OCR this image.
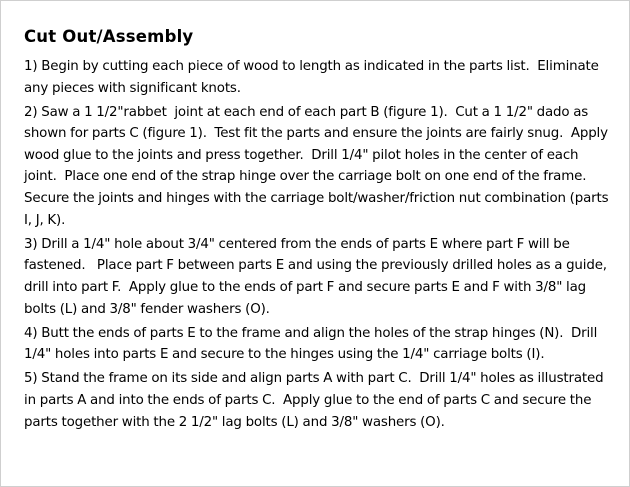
Cut Out/Assembly

1) Begin by cutting each piece of wood to length as indicated in the parts list.  Eliminate any pieces with significant knots.

2) Saw a 1 1/2"rabbet  joint at each end of each part B (figure 1).  Cut a 1 1/2" dado as shown for parts C (figure 1).  Test fit the parts and ensure the joints are fairly snug.  Apply wood glue to the joints and press together.  Drill 1/4" pilot holes in the center of each joint.  Place one end of the strap hinge over the carriage bolt on one end of the frame.  Secure the joints and hinges with the carriage bolt/washer/friction nut combination (parts  I, J, K).

3) Drill a 1/4" hole about 3/4" centered from the ends of parts E where part F will be fastened.   Place part F between parts E and using the previously drilled holes as a guide, drill into part F.  Apply glue to the ends of part F and secure parts E and F with 3/8" lag bolts (L) and 3/8" fender washers (O).

4) Butt the ends of parts E to the frame and align the holes of the strap hinges (N).  Drill 1/4" holes into parts E and secure to the hinges using the 1/4" carriage bolts (I).

5) Stand the frame on its side and align parts A with part C.  Drill 1/4" holes as illustrated in parts A and into the ends of parts C.  Apply glue to the end of parts C and secure the parts together with the 2 1/2" lag bolts (L) and 3/8" washers (O).
